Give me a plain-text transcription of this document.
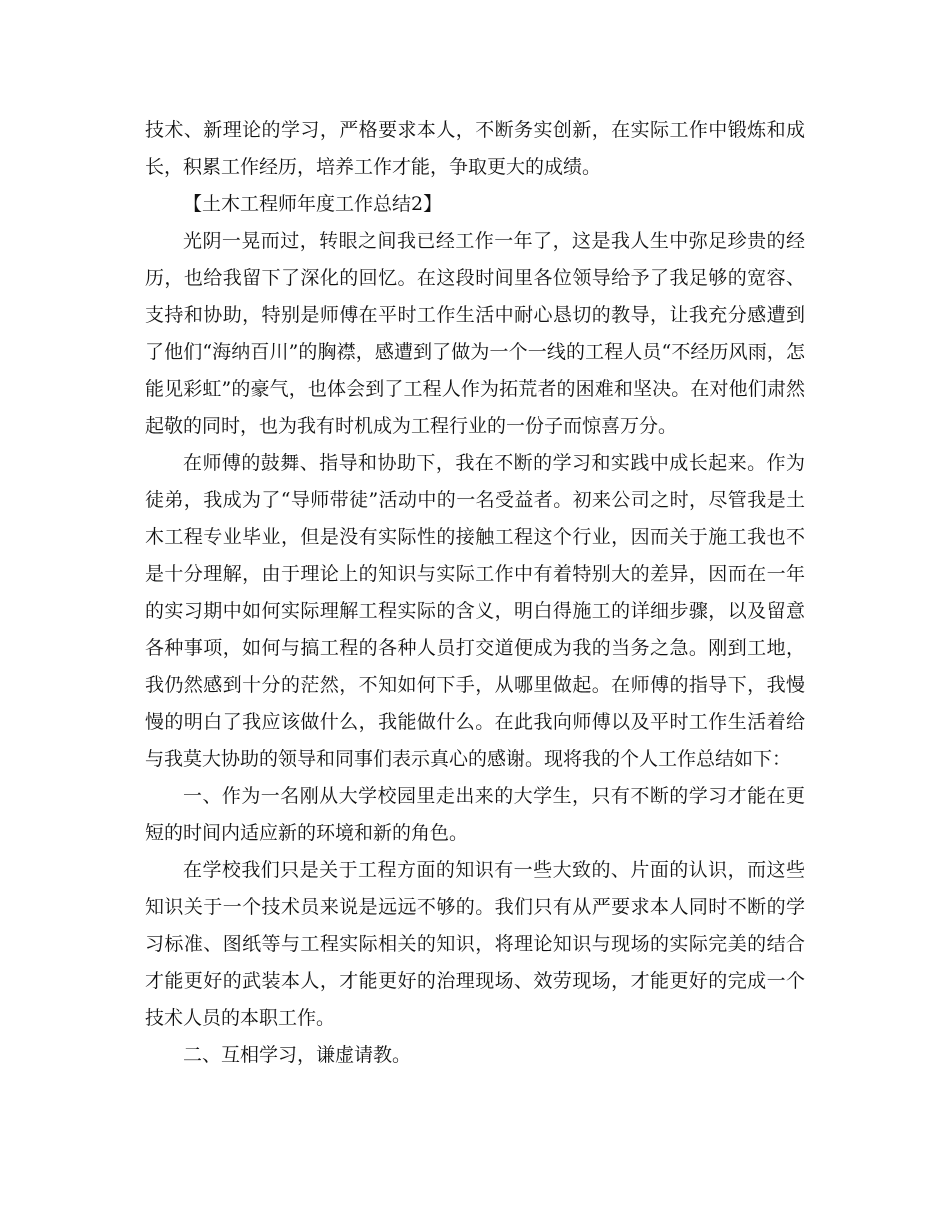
技术、新理论的学习，严格要求本人，不断务实创新，在实际工作中锻炼和成长，积累工作经历，培养工作才能，争取更大的成绩。

【土木工程师年度工作总结2】

光阴一晃而过，转眼之间我已经工作一年了，这是我人生中弥足珍贵的经历，也给我留下了深化的回忆。在这段时间里各位领导给予了我足够的宽容、支持和协助，特别是师傅在平时工作生活中耐心恳切的教导，让我充分感遭到了他们“海纳百川”的胸襟，感遭到了做为一个一线的工程人员“不经历风雨，怎能见彩虹”的豪气，也体会到了工程人作为拓荒者的困难和坚决。在对他们肃然起敬的同时，也为我有时机成为工程行业的一份子而惊喜万分。

在师傅的鼓舞、指导和协助下，我在不断的学习和实践中成长起来。作为徒弟，我成为了“导师带徒”活动中的一名受益者。初来公司之时，尽管我是土木工程专业毕业，但是没有实际性的接触工程这个行业，因而关于施工我也不是十分理解，由于理论上的知识与实际工作中有着特别大的差异，因而在一年的实习期中如何实际理解工程实际的含义，明白得施工的详细步骤，以及留意各种事项，如何与搞工程的各种人员打交道便成为我的当务之急。刚到工地，我仍然感到十分的茫然，不知如何下手，从哪里做起。在师傅的指导下，我慢慢的明白了我应该做什么，我能做什么。在此我向师傅以及平时工作生活着给与我莫大协助的领导和同事们表示真心的感谢。现将我的个人工作总结如下：

一、作为一名刚从大学校园里走出来的大学生，只有不断的学习才能在更短的时间内适应新的环境和新的角色。

在学校我们只是关于工程方面的知识有一些大致的、片面的认识，而这些知识关于一个技术员来说是远远不够的。我们只有从严要求本人同时不断的学习标准、图纸等与工程实际相关的知识，将理论知识与现场的实际完美的结合才能更好的武装本人，才能更好的治理现场、效劳现场，才能更好的完成一个技术人员的本职工作。

二、互相学习，谦虚请教。
